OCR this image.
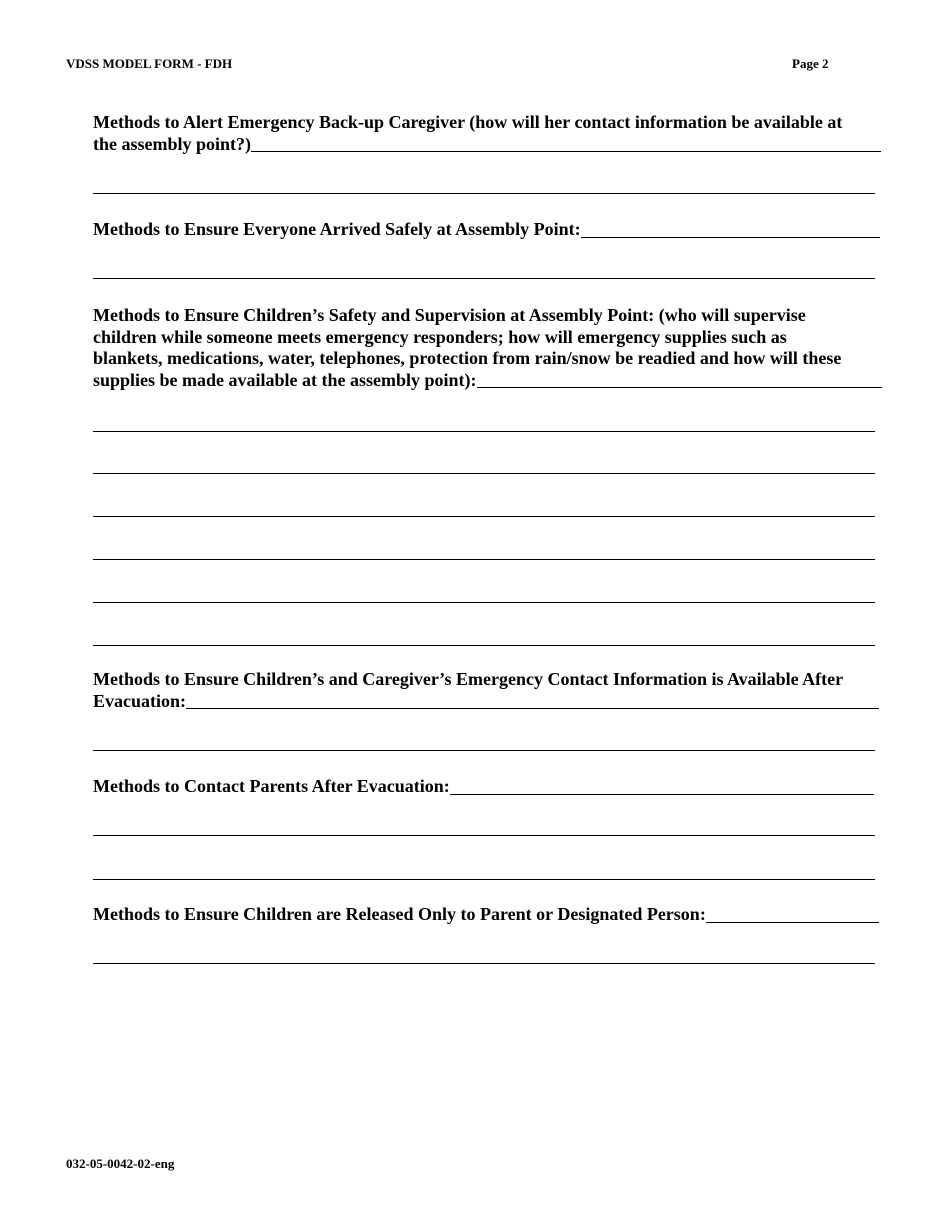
VDSS MODEL FORM - FDH	Page 2
Methods to Alert Emergency Back-up Caregiver (how will her contact information be available at
the assembly point?)
Methods to Ensure Everyone Arrived Safely at Assembly Point:
Methods to Ensure Children’s Safety and Supervision at Assembly Point: (who will supervise
children while someone meets emergency responders; how will emergency supplies such as
blankets, medications, water, telephones, protection from rain/snow be readied and how will these
supplies be made available at the assembly point):
Methods to Ensure Children’s and Caregiver’s Emergency Contact Information is Available After
Evacuation:
Methods to Contact Parents After Evacuation:
Methods to Ensure Children are Released Only to Parent or Designated Person:
032-05-0042-02-eng
